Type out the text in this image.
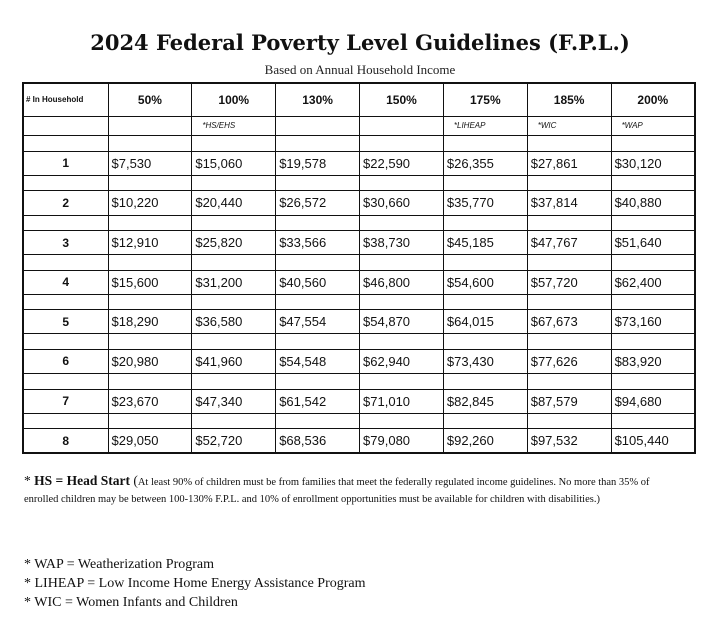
2024 Federal Poverty Level Guidelines (F.P.L.)
Based on Annual Household Income
# In Household	50%	100%	130%	150%	175%	185%	200%
		*HS/EHS			*LIHEAP	*WIC	*WAP

1	$7,530	$15,060	$19,578	$22,590	$26,355	$27,861	$30,120

2	$10,220	$20,440	$26,572	$30,660	$35,770	$37,814	$40,880

3	$12,910	$25,820	$33,566	$38,730	$45,185	$47,767	$51,640

4	$15,600	$31,200	$40,560	$46,800	$54,600	$57,720	$62,400

5	$18,290	$36,580	$47,554	$54,870	$64,015	$67,673	$73,160

6	$20,980	$41,960	$54,548	$62,940	$73,430	$77,626	$83,920

7	$23,670	$47,340	$61,542	$71,010	$82,845	$87,579	$94,680

8	$29,050	$52,720	$68,536	$79,080	$92,260	$97,532	$105,440
* HS = Head Start (At least 90% of children must be from families that meet the federally regulated income guidelines. No more than 35% of enrolled children may be between 100-130% F.P.L. and 10% of enrollment opportunities must be available for children with disabilities.)
* WAP = Weatherization Program
* LIHEAP = Low Income Home Energy Assistance Program
* WIC = Women Infants and Children
